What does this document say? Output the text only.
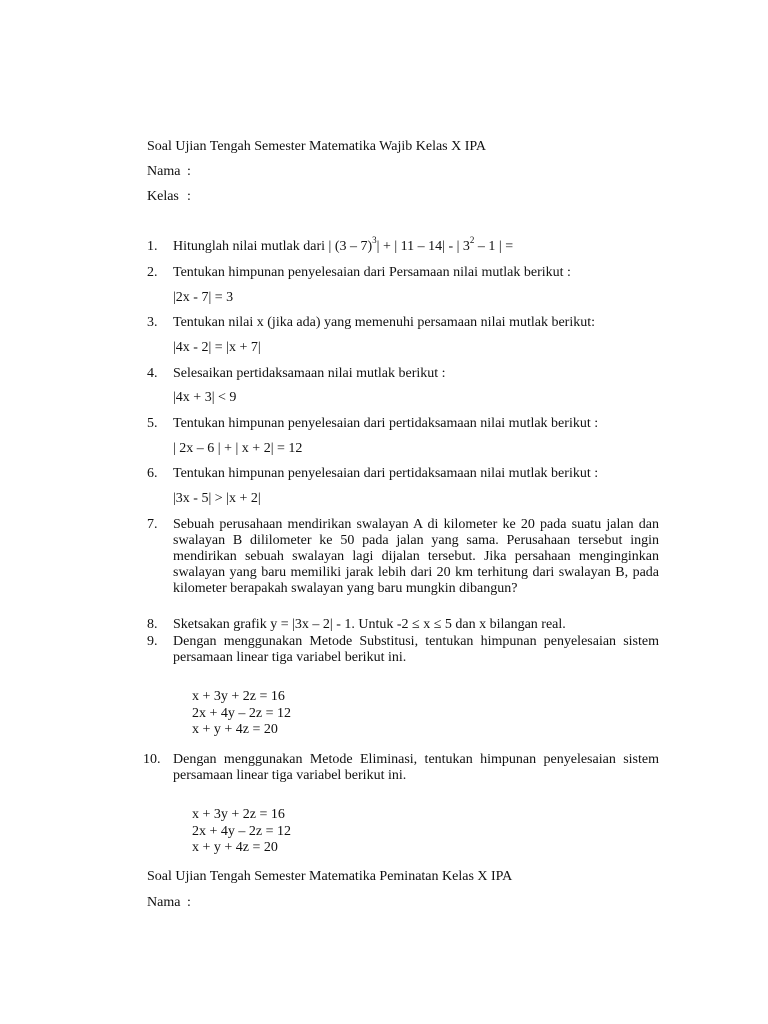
Soal Ujian Tengah Semester Matematika Wajib Kelas X IPA
Nama :
Kelas :
1. Hitunglah nilai mutlak dari | (3 – 7)$^3$| + | 11 – 14| - | $3^2 - 1$ | =
2. Tentukan himpunan penyelesaian dari Persamaan nilai mutlak berikut :
|2x - 7| = 3
3. Tentukan nilai x (jika ada) yang memenuhi persamaan nilai mutlak berikut:
|4x - 2| = |x + 7|
4. Selesaikan pertidaksamaan nilai mutlak berikut :
|4x + 3| < 9
5. Tentukan himpunan penyelesaian dari pertidaksamaan nilai mutlak berikut :
| 2x – 6 | + | x + 2| = 12
6. Tentukan himpunan penyelesaian dari pertidaksamaan nilai mutlak berikut :
|3x - 5| > |x + 2|
7. Sebuah perusahaan mendirikan swalayan A di kilometer ke 20 pada suatu jalan dan swalayan B dililometer ke 50 pada jalan yang sama. Perusahaan tersebut ingin mendirikan sebuah swalayan lagi dijalan tersebut. Jika persahaan menginginkan swalayan yang baru memiliki jarak lebih dari 20 km terhitung dari swalayan B, pada kilometer berapakah swalayan yang baru mungkin dibangun?
8. Sketsakan grafik y = |3x – 2| - 1. Untuk -2 ≤ x ≤ 5 dan x bilangan real.
9. Dengan menggunakan Metode Substitusi, tentukan himpunan penyelesaian sistem persamaan linear tiga variabel berikut ini.
x + 3y + 2z = 16
2x + 4y – 2z = 12
x + y + 4z = 20
10. Dengan menggunakan Metode Eliminasi, tentukan himpunan penyelesaian sistem persamaan linear tiga variabel berikut ini.
x + 3y + 2z = 16
2x + 4y – 2z = 12
x + y + 4z = 20
Soal Ujian Tengah Semester Matematika Peminatan Kelas X IPA
Nama :
